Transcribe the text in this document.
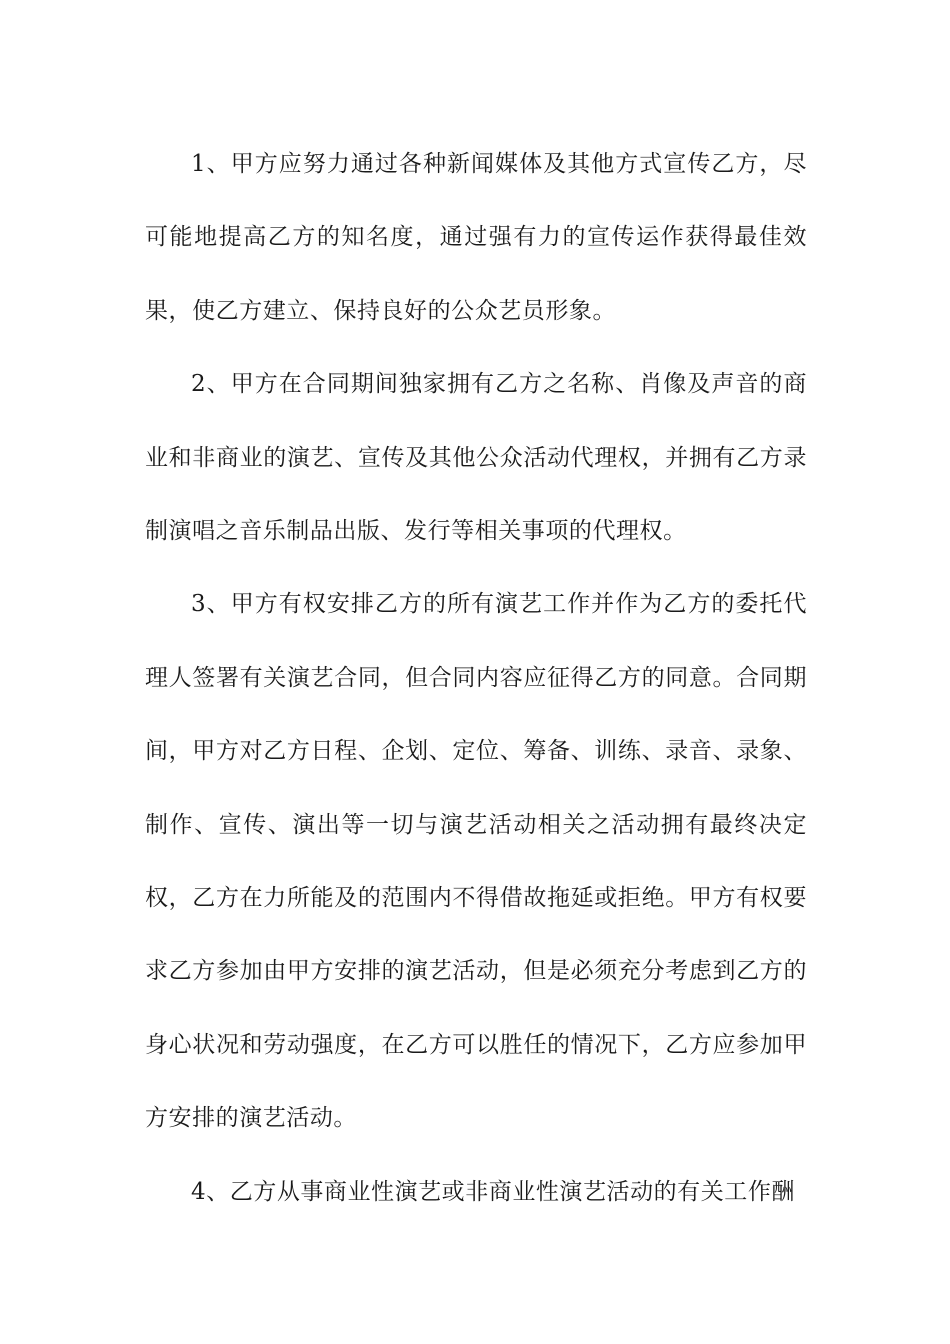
1、甲方应努力通过各种新闻媒体及其他方式宣传乙方，尽可能地提高乙方的知名度，通过强有力的宣传运作获得最佳效果，使乙方建立、保持良好的公众艺员形象。

2、甲方在合同期间独家拥有乙方之名称、肖像及声音的商业和非商业的演艺、宣传及其他公众活动代理权，并拥有乙方录制演唱之音乐制品出版、发行等相关事项的代理权。

3、甲方有权安排乙方的所有演艺工作并作为乙方的委托代理人签署有关演艺合同，但合同内容应征得乙方的同意。合同期间，甲方对乙方日程、企划、定位、筹备、训练、录音、录象、制作、宣传、演出等一切与演艺活动相关之活动拥有最终决定权，乙方在力所能及的范围内不得借故拖延或拒绝。甲方有权要求乙方参加由甲方安排的演艺活动，但是必须充分考虑到乙方的身心状况和劳动强度，在乙方可以胜任的情况下，乙方应参加甲方安排的演艺活动。

4、乙方从事商业性演艺或非商业性演艺活动的有关工作酬
